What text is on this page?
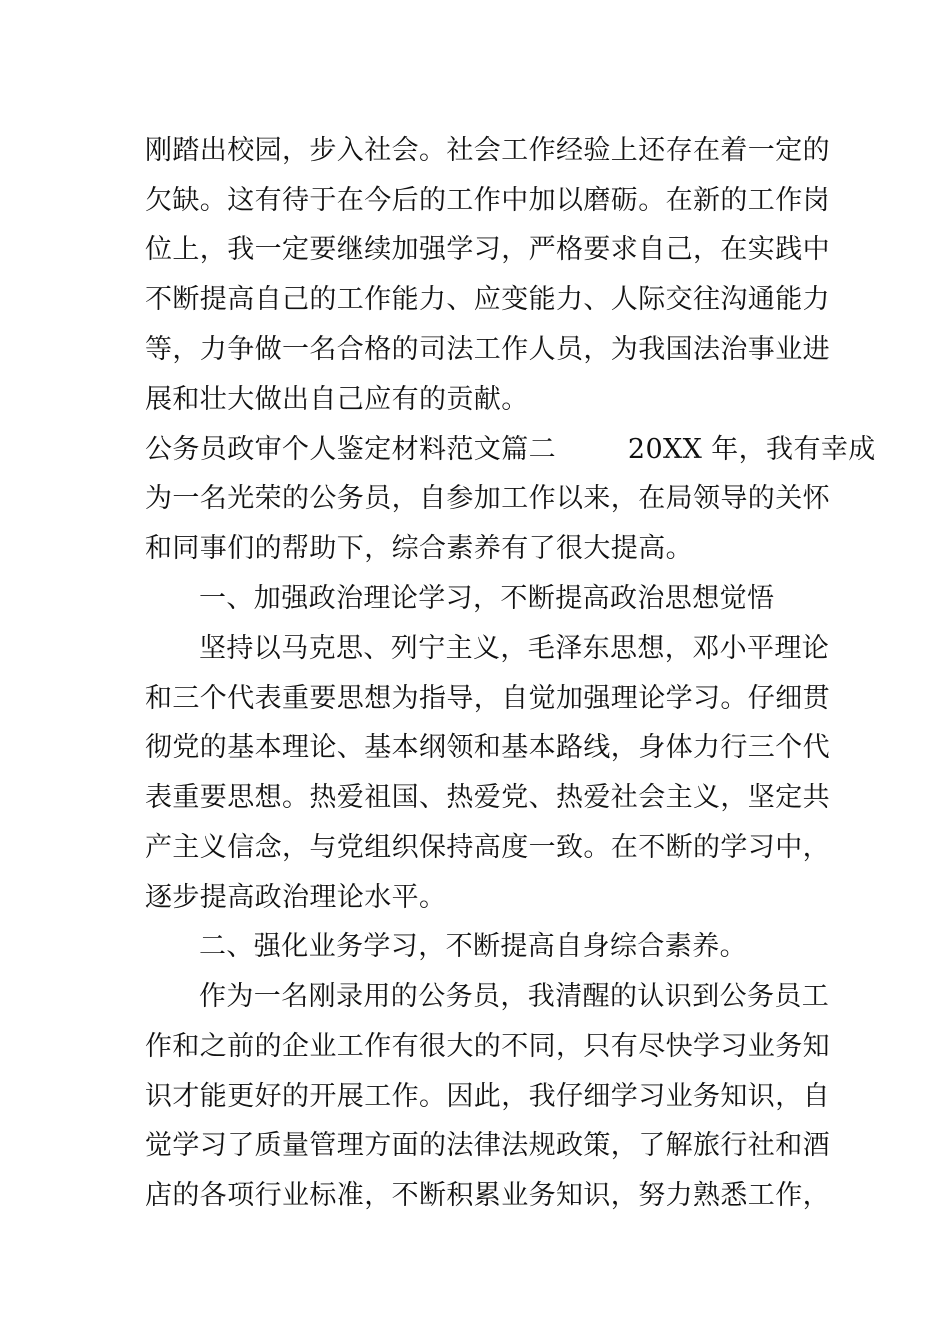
刚踏出校园，步入社会。社会工作经验上还存在着一定的
欠缺。这有待于在今后的工作中加以磨砺。在新的工作岗
位上，我一定要继续加强学习，严格要求自己，在实践中
不断提高自己的工作能力、应变能力、人际交往沟通能力
等，力争做一名合格的司法工作人员，为我国法治事业进
展和壮大做出自己应有的贡献。
公务员政审个人鉴定材料范文篇二        20XX 年，我有幸成
为一名光荣的公务员，自参加工作以来，在局领导的关怀
和同事们的帮助下，综合素养有了很大提高。
一、加强政治理论学习，不断提高政治思想觉悟
坚持以马克思、列宁主义，毛泽东思想，邓小平理论
和三个代表重要思想为指导，自觉加强理论学习。仔细贯
彻党的基本理论、基本纲领和基本路线，身体力行三个代
表重要思想。热爱祖国、热爱党、热爱社会主义，坚定共
产主义信念，与党组织保持高度一致。在不断的学习中，
逐步提高政治理论水平。
二、强化业务学习，不断提高自身综合素养。
作为一名刚录用的公务员，我清醒的认识到公务员工
作和之前的企业工作有很大的不同，只有尽快学习业务知
识才能更好的开展工作。因此，我仔细学习业务知识，自
觉学习了质量管理方面的法律法规政策，了解旅行社和酒
店的各项行业标准，不断积累业务知识，努力熟悉工作，
